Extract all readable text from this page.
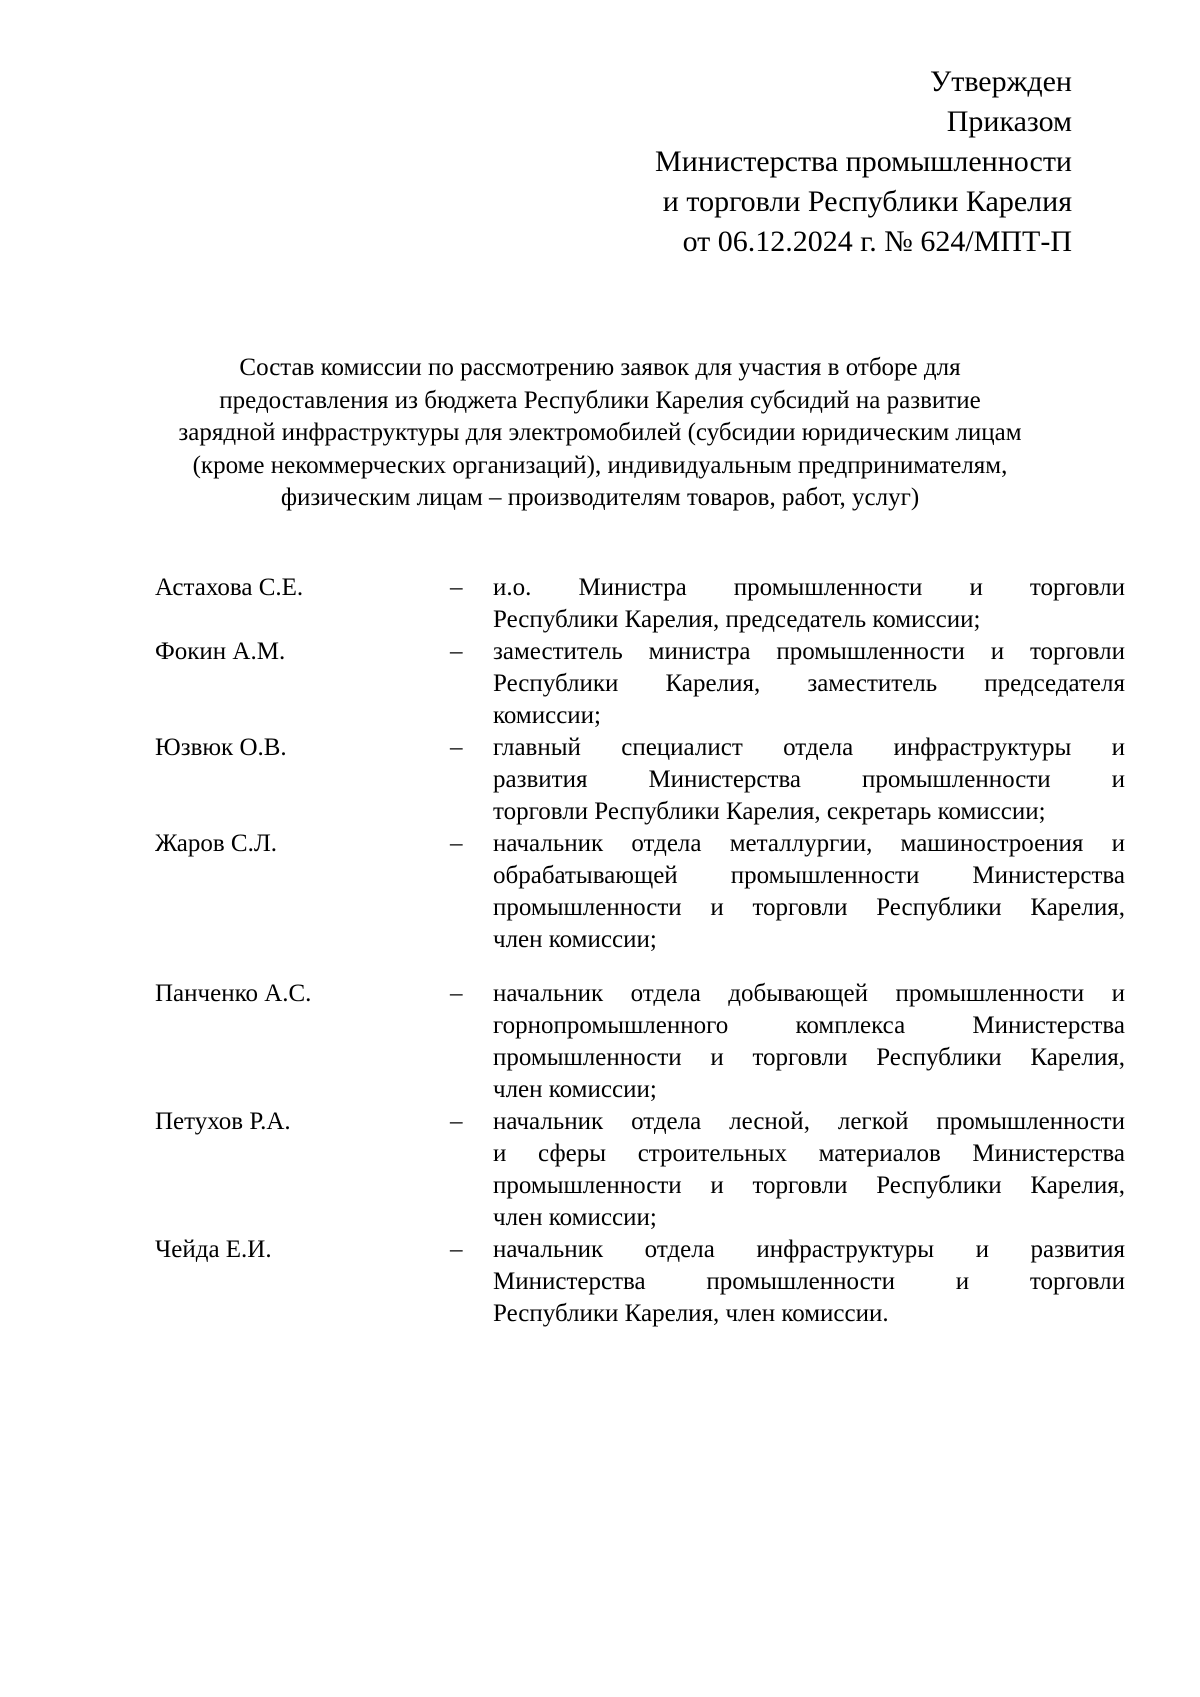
Утвержден
Приказом
Министерства промышленности
и торговли Республики Карелия
от 06.12.2024 г. № 624/МПТ-П
Состав комиссии по рассмотрению заявок для участия в отборе для
предоставления из бюджета Республики Карелия субсидий на развитие
зарядной инфраструктуры для электромобилей (субсидии юридическим лицам
(кроме некоммерческих организаций), индивидуальным предпринимателям,
физическим лицам – производителям товаров, работ, услуг)
Астахова С.Е.	– и.о. Министра промышленности и торговли
Республики Карелия, председатель комиссии;
Фокин А.М.	– заместитель министра промышленности и торговли
Республики Карелия, заместитель председателя
комиссии;
Юзвюк О.В.	– главный специалист отдела инфраструктуры и
развития Министерства промышленности и
торговли Республики Карелия, секретарь комиссии;
Жаров С.Л.	– начальник отдела металлургии, машиностроения и
обрабатывающей промышленности Министерства
промышленности и торговли Республики Карелия,
член комиссии;
Панченко А.С.	– начальник отдела добывающей промышленности и
горнопромышленного комплекса Министерства
промышленности и торговли Республики Карелия,
член комиссии;
Петухов Р.А.	– начальник отдела лесной, легкой промышленности
и сферы строительных материалов Министерства
промышленности и торговли Республики Карелия,
член комиссии;
Чейда Е.И.	– начальник отдела инфраструктуры и развития
Министерства промышленности и торговли
Республики Карелия, член комиссии.
